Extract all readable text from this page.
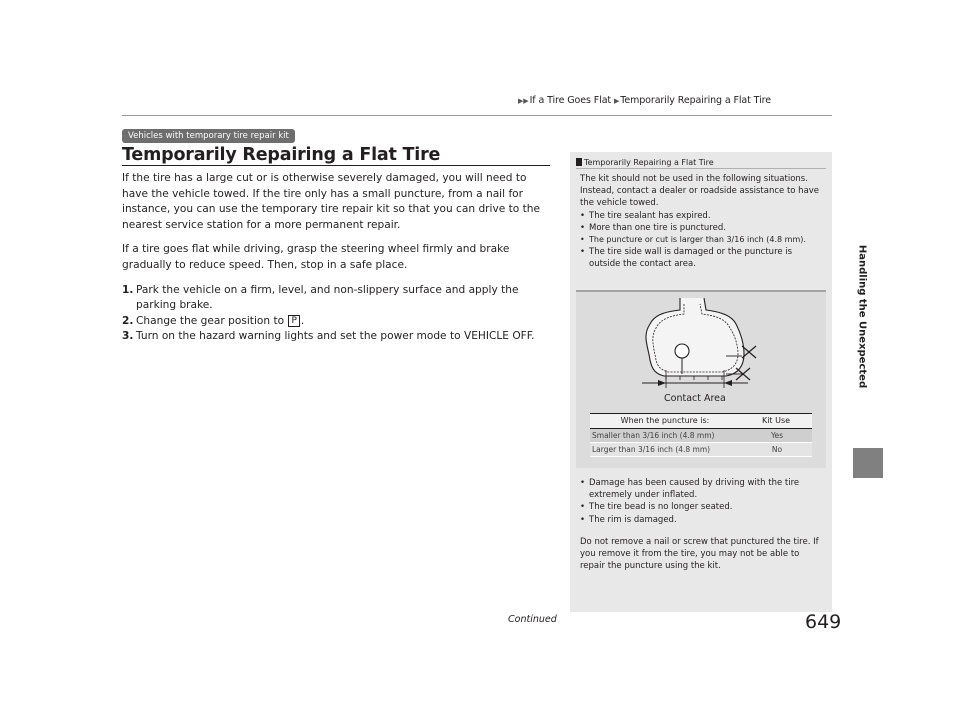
▶▶If a Tire Goes Flat ▶Temporarily Repairing a Flat Tire
Vehicles with temporary tire repair kit
Temporarily Repairing a Flat Tire

If the tire has a large cut or is otherwise severely damaged, you will need to have the vehicle towed. If the tire only has a small puncture, from a nail for instance, you can use the temporary tire repair kit so that you can drive to the nearest service station for a more permanent repair.

If a tire goes flat while driving, grasp the steering wheel firmly and brake gradually to reduce speed. Then, stop in a safe place.

1. Park the vehicle on a firm, level, and non-slippery surface and apply the parking brake.
2. Change the gear position to P .
3. Turn on the hazard warning lights and set the power mode to VEHICLE OFF.
Temporarily Repairing a Flat Tire

The kit should not be used in the following situations. Instead, contact a dealer or roadside assistance to have the vehicle towed.

• The tire sealant has expired.
• More than one tire is punctured.
• The puncture or cut is larger than 3/16 inch (4.8 mm).
• The tire side wall is damaged or the puncture is outside the contact area.
Contact Area
When the puncture is:	Kit Use
Smaller than 3/16 inch (4.8 mm)	Yes
Larger than 3/16 inch (4.8 mm)	No
• Damage has been caused by driving with the tire extremely under inflated.
• The tire bead is no longer seated.
• The rim is damaged.

Do not remove a nail or screw that punctured the tire. If you remove it from the tire, you may not be able to repair the puncture using the kit.

Handling the Unexpected
Continued	649
